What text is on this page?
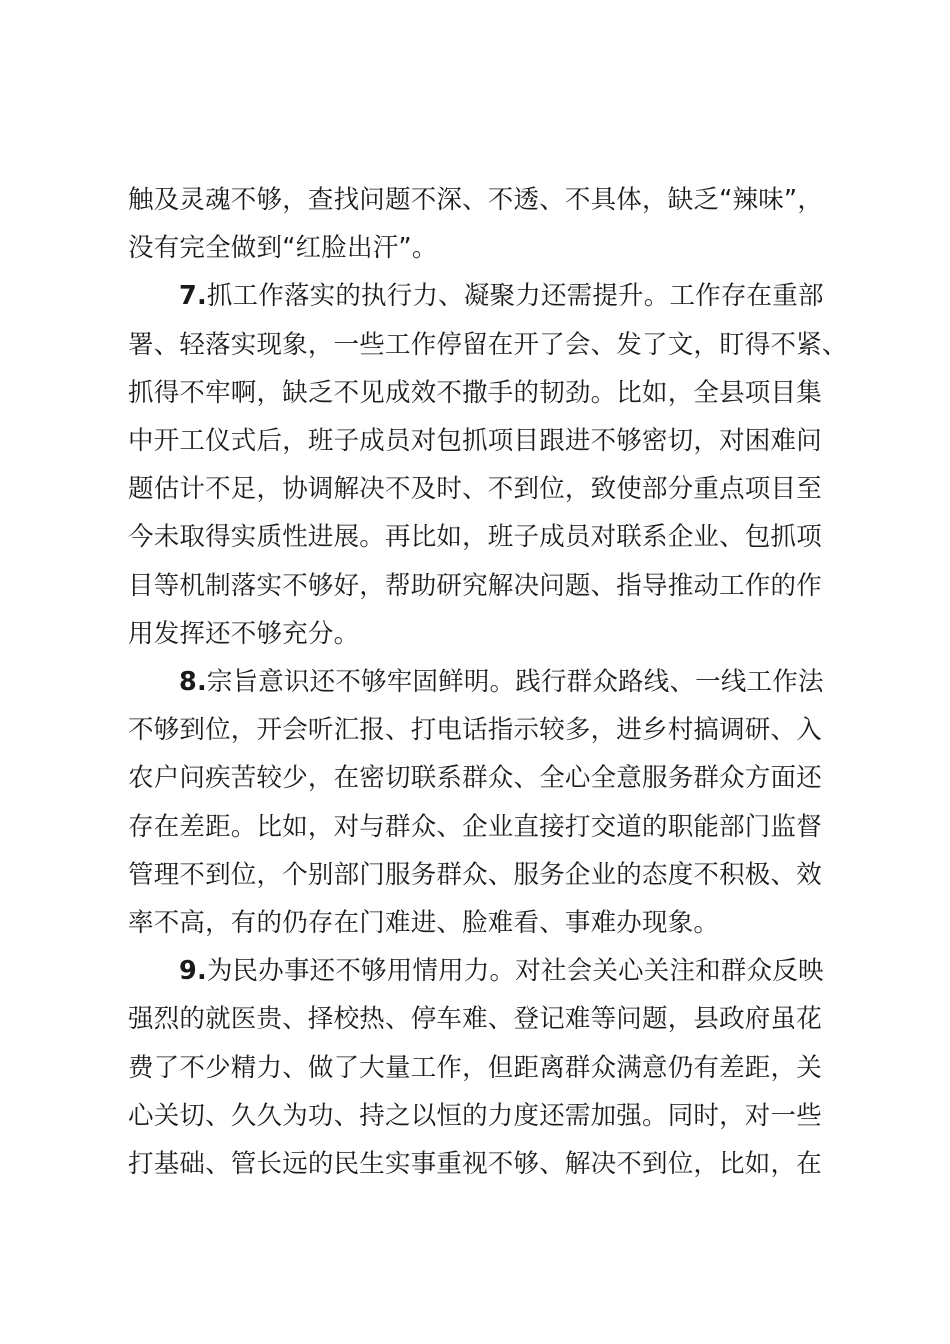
触及灵魂不够，查找问题不深、不透、不具体，缺乏“辣味”，
没有完全做到“红脸出汗”。

7.抓工作落实的执行力、凝聚力还需提升。工作存在重部
署、轻落实现象，一些工作停留在开了会、发了文，盯得不紧、
抓得不牢啊，缺乏不见成效不撒手的韧劲。比如，全县项目集
中开工仪式后，班子成员对包抓项目跟进不够密切，对困难问
题估计不足，协调解决不及时、不到位，致使部分重点项目至
今未取得实质性进展。再比如，班子成员对联系企业、包抓项
目等机制落实不够好，帮助研究解决问题、指导推动工作的作
用发挥还不够充分。

8.宗旨意识还不够牢固鲜明。践行群众路线、一线工作法
不够到位，开会听汇报、打电话指示较多，进乡村搞调研、入
农户问疾苦较少，在密切联系群众、全心全意服务群众方面还
存在差距。比如，对与群众、企业直接打交道的职能部门监督
管理不到位，个别部门服务群众、服务企业的态度不积极、效
率不高，有的仍存在门难进、脸难看、事难办现象。

9.为民办事还不够用情用力。对社会关心关注和群众反映
强烈的就医贵、择校热、停车难、登记难等问题，县政府虽花
费了不少精力、做了大量工作，但距离群众满意仍有差距，关
心关切、久久为功、持之以恒的力度还需加强。同时，对一些
打基础、管长远的民生实事重视不够、解决不到位，比如，在
